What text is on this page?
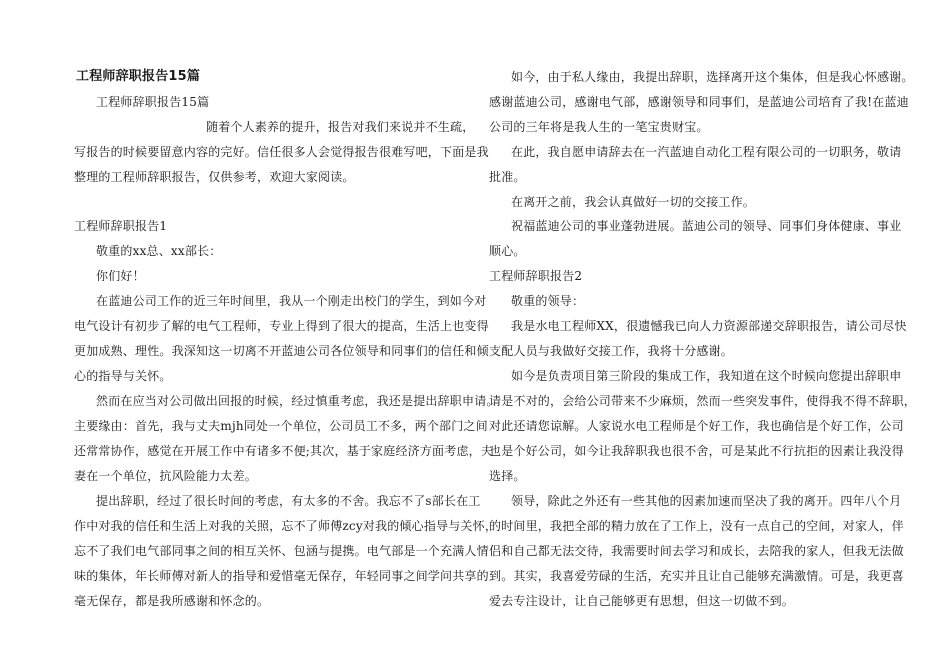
工程师辞职报告15篇
工程师辞职报告15篇
随着个人素养的提升，报告对我们来说并不生疏，
写报告的时候要留意内容的完好。信任很多人会觉得报告很难写吧，下面是我
整理的工程师辞职报告，仅供参考，欢迎大家阅读。
工程师辞职报告1
敬重的xx总、xx部长：
你们好！
在蓝迪公司工作的近三年时间里，我从一个刚走出校门的学生，到如今对
电气设计有初步了解的电气工程师，专业上得到了很大的提高，生活上也变得
更加成熟、理性。我深知这一切离不开蓝迪公司各位领导和同事们的信任和倾
心的指导与关怀。
然而在应当对公司做出回报的时候，经过慎重考虑，我还是提出辞职申请。
主要缘由：首先，我与丈夫mjh同处一个单位，公司员工不多，两个部门之间
还常常协作，感觉在开展工作中有诸多不便;其次，基于家庭经济方面考虑，夫
妻在一个单位，抗风险能力太差。
提出辞职，经过了很长时间的考虑，有太多的不舍。我忘不了s部长在工
作中对我的信任和生活上对我的关照，忘不了师傅zcy对我的倾心指导与关怀，
忘不了我们电气部同事之间的相互关怀、包涵与提携。电气部是一个充满人情
味的集体，年长师傅对新人的指导和爱惜毫无保存，年轻同事之间学问共享的
毫无保存，都是我所感谢和怀念的。
如今，由于私人缘由，我提出辞职，选择离开这个集体，但是我心怀感谢。
感谢蓝迪公司，感谢电气部，感谢领导和同事们，是蓝迪公司培育了我!在蓝迪
公司的三年将是我人生的一笔宝贵财宝。
在此，我自愿申请辞去在一汽蓝迪自动化工程有限公司的一切职务，敬请
批准。
在离开之前，我会认真做好一切的交接工作。
祝福蓝迪公司的事业蓬勃进展。蓝迪公司的领导、同事们身体健康、事业
顺心。
工程师辞职报告2
敬重的领导：
我是水电工程师XX，很遗憾我已向人力资源部递交辞职报告，请公司尽快
支配人员与我做好交接工作，我将十分感谢。
如今是负责项目第三阶段的集成工作，我知道在这个时候向您提出辞职申
请是不对的，会给公司带来不少麻烦，然而一些突发事件，使得我不得不辞职，
对此还请您谅解。人家说水电工程师是个好工作，我也确信是个好工作，公司
也是个好公司，如今让我辞职我也很不舍，可是某此不行抗拒的因素让我没得
选择。
领导，除此之外还有一些其他的因素加速而坚决了我的离开。四年八个月
的时间里，我把全部的精力放在了工作上，没有一点自己的空间，对家人，伴
侣和自己都无法交待，我需要时间去学习和成长，去陪我的家人，但我无法做
到。其实，我喜爱劳碌的生活，充实并且让自己能够充满激情。可是，我更喜
爱去专注设计，让自己能够更有思想，但这一切做不到。
